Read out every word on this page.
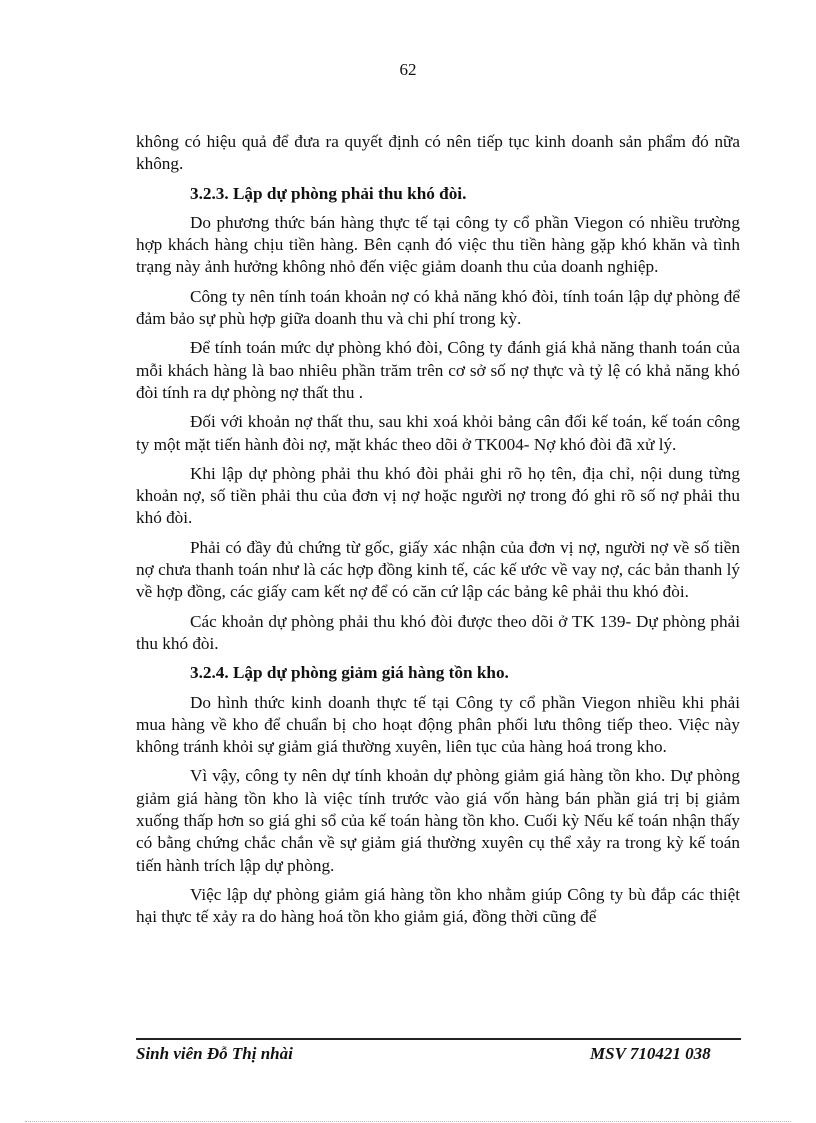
62

không có hiệu quả để đưa ra quyết định có nên tiếp tục kinh doanh sản phẩm đó nữa không.

3.2.3. Lập dự phòng phải thu khó đòi.

Do phương thức bán hàng thực tế tại công ty cổ phần Viegon có nhiều trường hợp khách hàng chịu tiền hàng. Bên cạnh đó việc thu tiền hàng gặp khó khăn và tình trạng này ảnh hưởng không nhỏ đến việc giảm doanh thu của doanh nghiệp.

Công ty nên tính toán khoản nợ có khả năng khó đòi, tính toán lập dự phòng để đảm bảo sự phù hợp giữa doanh thu và chi phí trong kỳ.

Để tính toán mức dự phòng khó đòi, Công ty đánh giá khả năng thanh toán của mỗi khách hàng là bao nhiêu phần trăm trên cơ sở số nợ thực và tỷ lệ có khả năng khó đòi tính ra dự phòng nợ thất thu .

Đối với khoản nợ thất thu, sau khi xoá khỏi bảng cân đối kế toán, kế toán công ty một mặt tiến hành đòi nợ, mặt khác theo dõi ở TK004- Nợ khó đòi đã xử lý.

Khi lập dự phòng phải thu khó đòi phải ghi rõ họ tên, địa chỉ, nội dung từng khoản nợ, số tiền phải thu của đơn vị nợ hoặc người nợ trong đó ghi rõ số nợ phải thu khó đòi.

Phải có đầy đủ chứng từ gốc, giấy xác nhận của đơn vị nợ, người nợ về số tiền nợ chưa thanh toán như là các hợp đồng kinh tế, các kế ước về vay nợ, các bản thanh lý về hợp đồng, các giấy cam kết nợ để có căn cứ lập các bảng kê phải thu khó đòi.

Các khoản dự phòng phải thu khó đòi được theo dõi ở TK 139- Dự phòng phải thu khó đòi.

3.2.4. Lập dự phòng giảm giá hàng tồn kho.

Do hình thức kinh doanh thực tế tại Công ty cổ phần Viegon nhiều khi phải mua hàng về kho để chuẩn bị cho hoạt động phân phối lưu thông tiếp theo. Việc này không tránh khỏi sự giảm giá thường xuyên, liên tục của hàng hoá trong kho.

Vì vậy, công ty nên dự tính khoản dự phòng giảm giá hàng tồn kho. Dự phòng giảm giá hàng tồn kho là việc tính trước vào giá vốn hàng bán phần giá trị bị giảm xuống thấp hơn so giá ghi sổ của kế toán hàng tồn kho. Cuối kỳ Nếu kế toán nhận thấy có bằng chứng chắc chắn về sự giảm giá thường xuyên cụ thể xảy ra trong kỳ kế toán tiến hành trích lập dự phòng.

Việc lập dự phòng giảm giá hàng tồn kho nhằm giúp Công ty bù đắp các thiệt hại thực tế xảy ra do hàng hoá tồn kho giảm giá, đồng thời cũng để

Sinh viên Đỗ Thị nhài	MSV 710421 038
